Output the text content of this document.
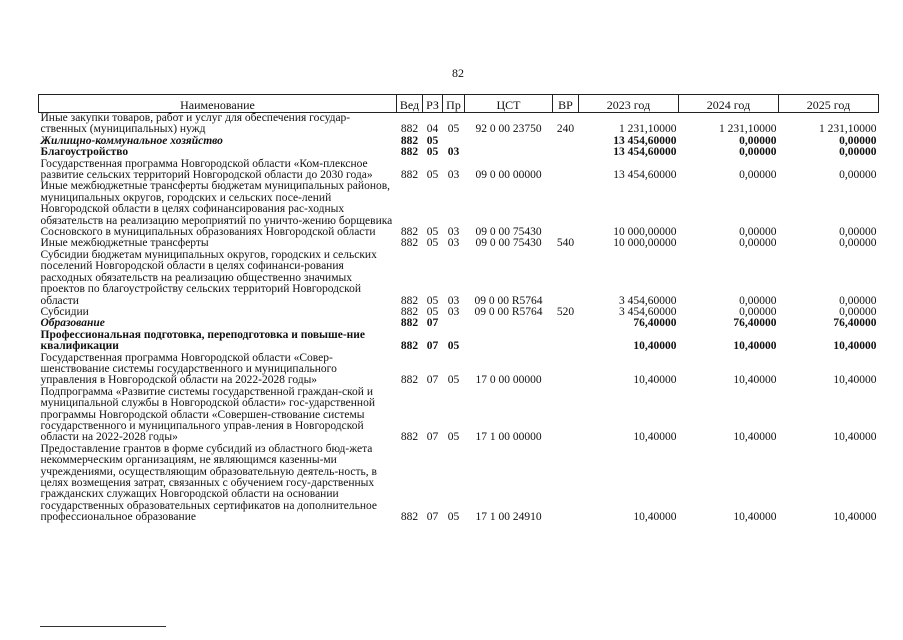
82
Наименование	Вед	РЗ	Пр	ЦСТ	ВР	2023 год	2024 год	2025 год
Иные закупки товаров, работ и услуг для обеспечения государ-ственных (муниципальных) нужд	882	04	05	92 0 00 23750	240	1 231,10000	1 231,10000	1 231,10000
Жилищно-коммунальное хозяйство	882	05				13 454,60000	0,00000	0,00000
Благоустройство	882	05	03			13 454,60000	0,00000	0,00000
Государственная программа Новгородской области «Ком-плексное развитие сельских территорий Новгородской области до 2030 года»	882	05	03	09 0 00 00000		13 454,60000	0,00000	0,00000
Иные межбюджетные трансферты бюджетам муниципальных районов, муниципальных округов, городских и сельских посе-лений Новгородской области в целях софинансирования рас-ходных обязательств на реализацию мероприятий по уничто-жению борщевика Сосновского в муниципальных образованиях Новгородской области	882	05	03	09 0 00 75430		10 000,00000	0,00000	0,00000
Иные межбюджетные трансферты	882	05	03	09 0 00 75430	540	10 000,00000	0,00000	0,00000
Субсидии бюджетам муниципальных округов, городских и сельских поселений Новгородской области в целях софинанси-рования расходных обязательств на реализацию общественно значимых проектов по благоустройству сельских территорий Новгородской области	882	05	03	09 0 00 R5764		3 454,60000	0,00000	0,00000
Субсидии	882	05	03	09 0 00 R5764	520	3 454,60000	0,00000	0,00000
Образование	882	07				76,40000	76,40000	76,40000
Профессиональная подготовка, переподготовка и повыше-ние квалификации	882	07	05			10,40000	10,40000	10,40000
Государственная программа Новгородской области «Совер-шенствование системы государственного и муниципального управления в Новгородской области на 2022-2028 годы»	882	07	05	17 0 00 00000		10,40000	10,40000	10,40000
Подпрограмма «Развитие системы государственной граждан-ской и муниципальной службы в Новгородской области» гос-ударственной программы Новгородской области «Совершен-ствование системы государственного и муниципального управ-ления в Новгородской области на 2022-2028 годы»	882	07	05	17 1 00 00000		10,40000	10,40000	10,40000
Предоставление грантов в форме субсидий из областного бюд-жета некоммерческим организациям, не являющимся казенны-ми учреждениями, осуществляющим образовательную деятель-ность, в целях возмещения затрат, связанных с обучением госу-дарственных гражданских служащих Новгородской области на основании государственных образовательных сертификатов на дополнительное профессиональное образование	882	07	05	17 1 00 24910		10,40000	10,40000	10,40000
